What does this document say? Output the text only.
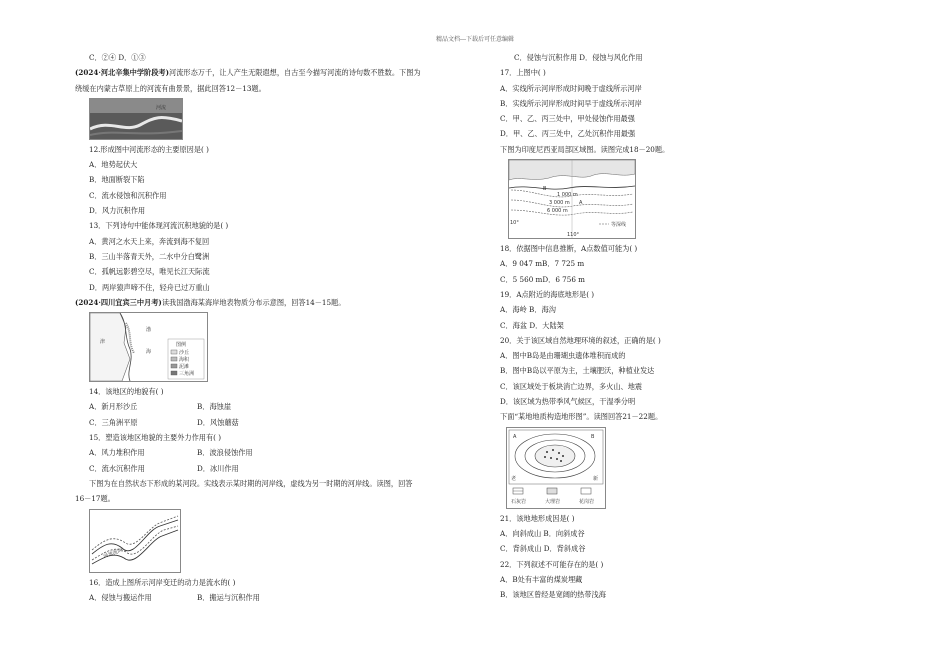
精品文档---下载后可任意编辑
C．②④ D．①③
(2024·河北辛集中学阶段考)河流形态万千，让人产生无限遐想，自古至今描写河流的诗句数不胜数。下图为
绕缓在内蒙古草原上的河流有曲景景，据此回答12－13题。
河流
12.形成图中河流形态的主要原因是( )
A．地势起伏大
B．地面断裂下陷
C．流水侵蚀和沉积作用
D．风力沉积作用
13．下列诗句中能体现河流沉积地貌的是( )
A．黄河之水天上来，奔流到海不复回
B．三山半落青天外，二水中分白鹭洲
C．孤帆远影碧空尽，唯见长江天际流
D．两岸猿声啼不住，轻舟已过万重山
(2024·四川宜宾三中月考)读我国渤海某海岸地表物质分布示意图，回答14－15题。
津
渤
海
图例
沙丘
海积
泥滩
三角洲
14．该地区的地貌有( )
A．新月形沙丘	B．海蚀崖
C．三角洲平原	D．风蚀蘑菇
15．塑造该地区地貌的主要外力作用有( )
A．风力堆积作用	B．波浪侵蚀作用
C．流水沉积作用	D．冰川作用
下图为在自然状态下形成的某河段。实线表示某时期的河岸线，虚线为另一时期的河岸线。读图，回答
16－17题。
河流流向
16．造成上图所示河岸变迁的动力是流水的( )
A．侵蚀与搬运作用	B．搬运与沉积作用
C．侵蚀与沉积作用 D．侵蚀与风化作用
17．上图中( )
A．实线所示河岸形成时间晚于虚线所示河岸
B．实线所示河岸形成时间早于虚线所示河岸
C．甲、乙、丙三处中，甲处侵蚀作用最强
D．甲、乙、丙三处中，乙处沉积作用最强
下图为印度尼西亚局部区域图。读图完成18－20题。
B
A
1 000 m
3 000 m
6 000 m
等深线
10°
110°
18．依据图中信息推断，A点数值可能为( )
A．9 047 mB．7 725 m
C．5 560 mD．6 756 m
19．A点附近的海底地形是( )
A．海岭 B．海沟
C．海盆 D．大陆架
20．关于该区域自然地理环境的叙述，正确的是( )
A．图中B岛是由珊瑚虫遗体堆积而成的
B．图中B岛以平原为主，土壤肥沃，种植业发达
C．该区域处于板块消亡边界，多火山、地震
D．该区域为热带季风气候区，干湿季分明
下面“某地地质构造地形图”。读图回答21－22题。
A	B
老	新
石灰岩	大理岩	花岗岩
21．该地地形成因是( )
A．向斜成山 B．向斜成谷
C．背斜成山 D．背斜成谷
22．下列叙述不可能存在的是( )
A．B处有丰富的煤炭埋藏
B．该地区曾经是宽阔的热带浅海
